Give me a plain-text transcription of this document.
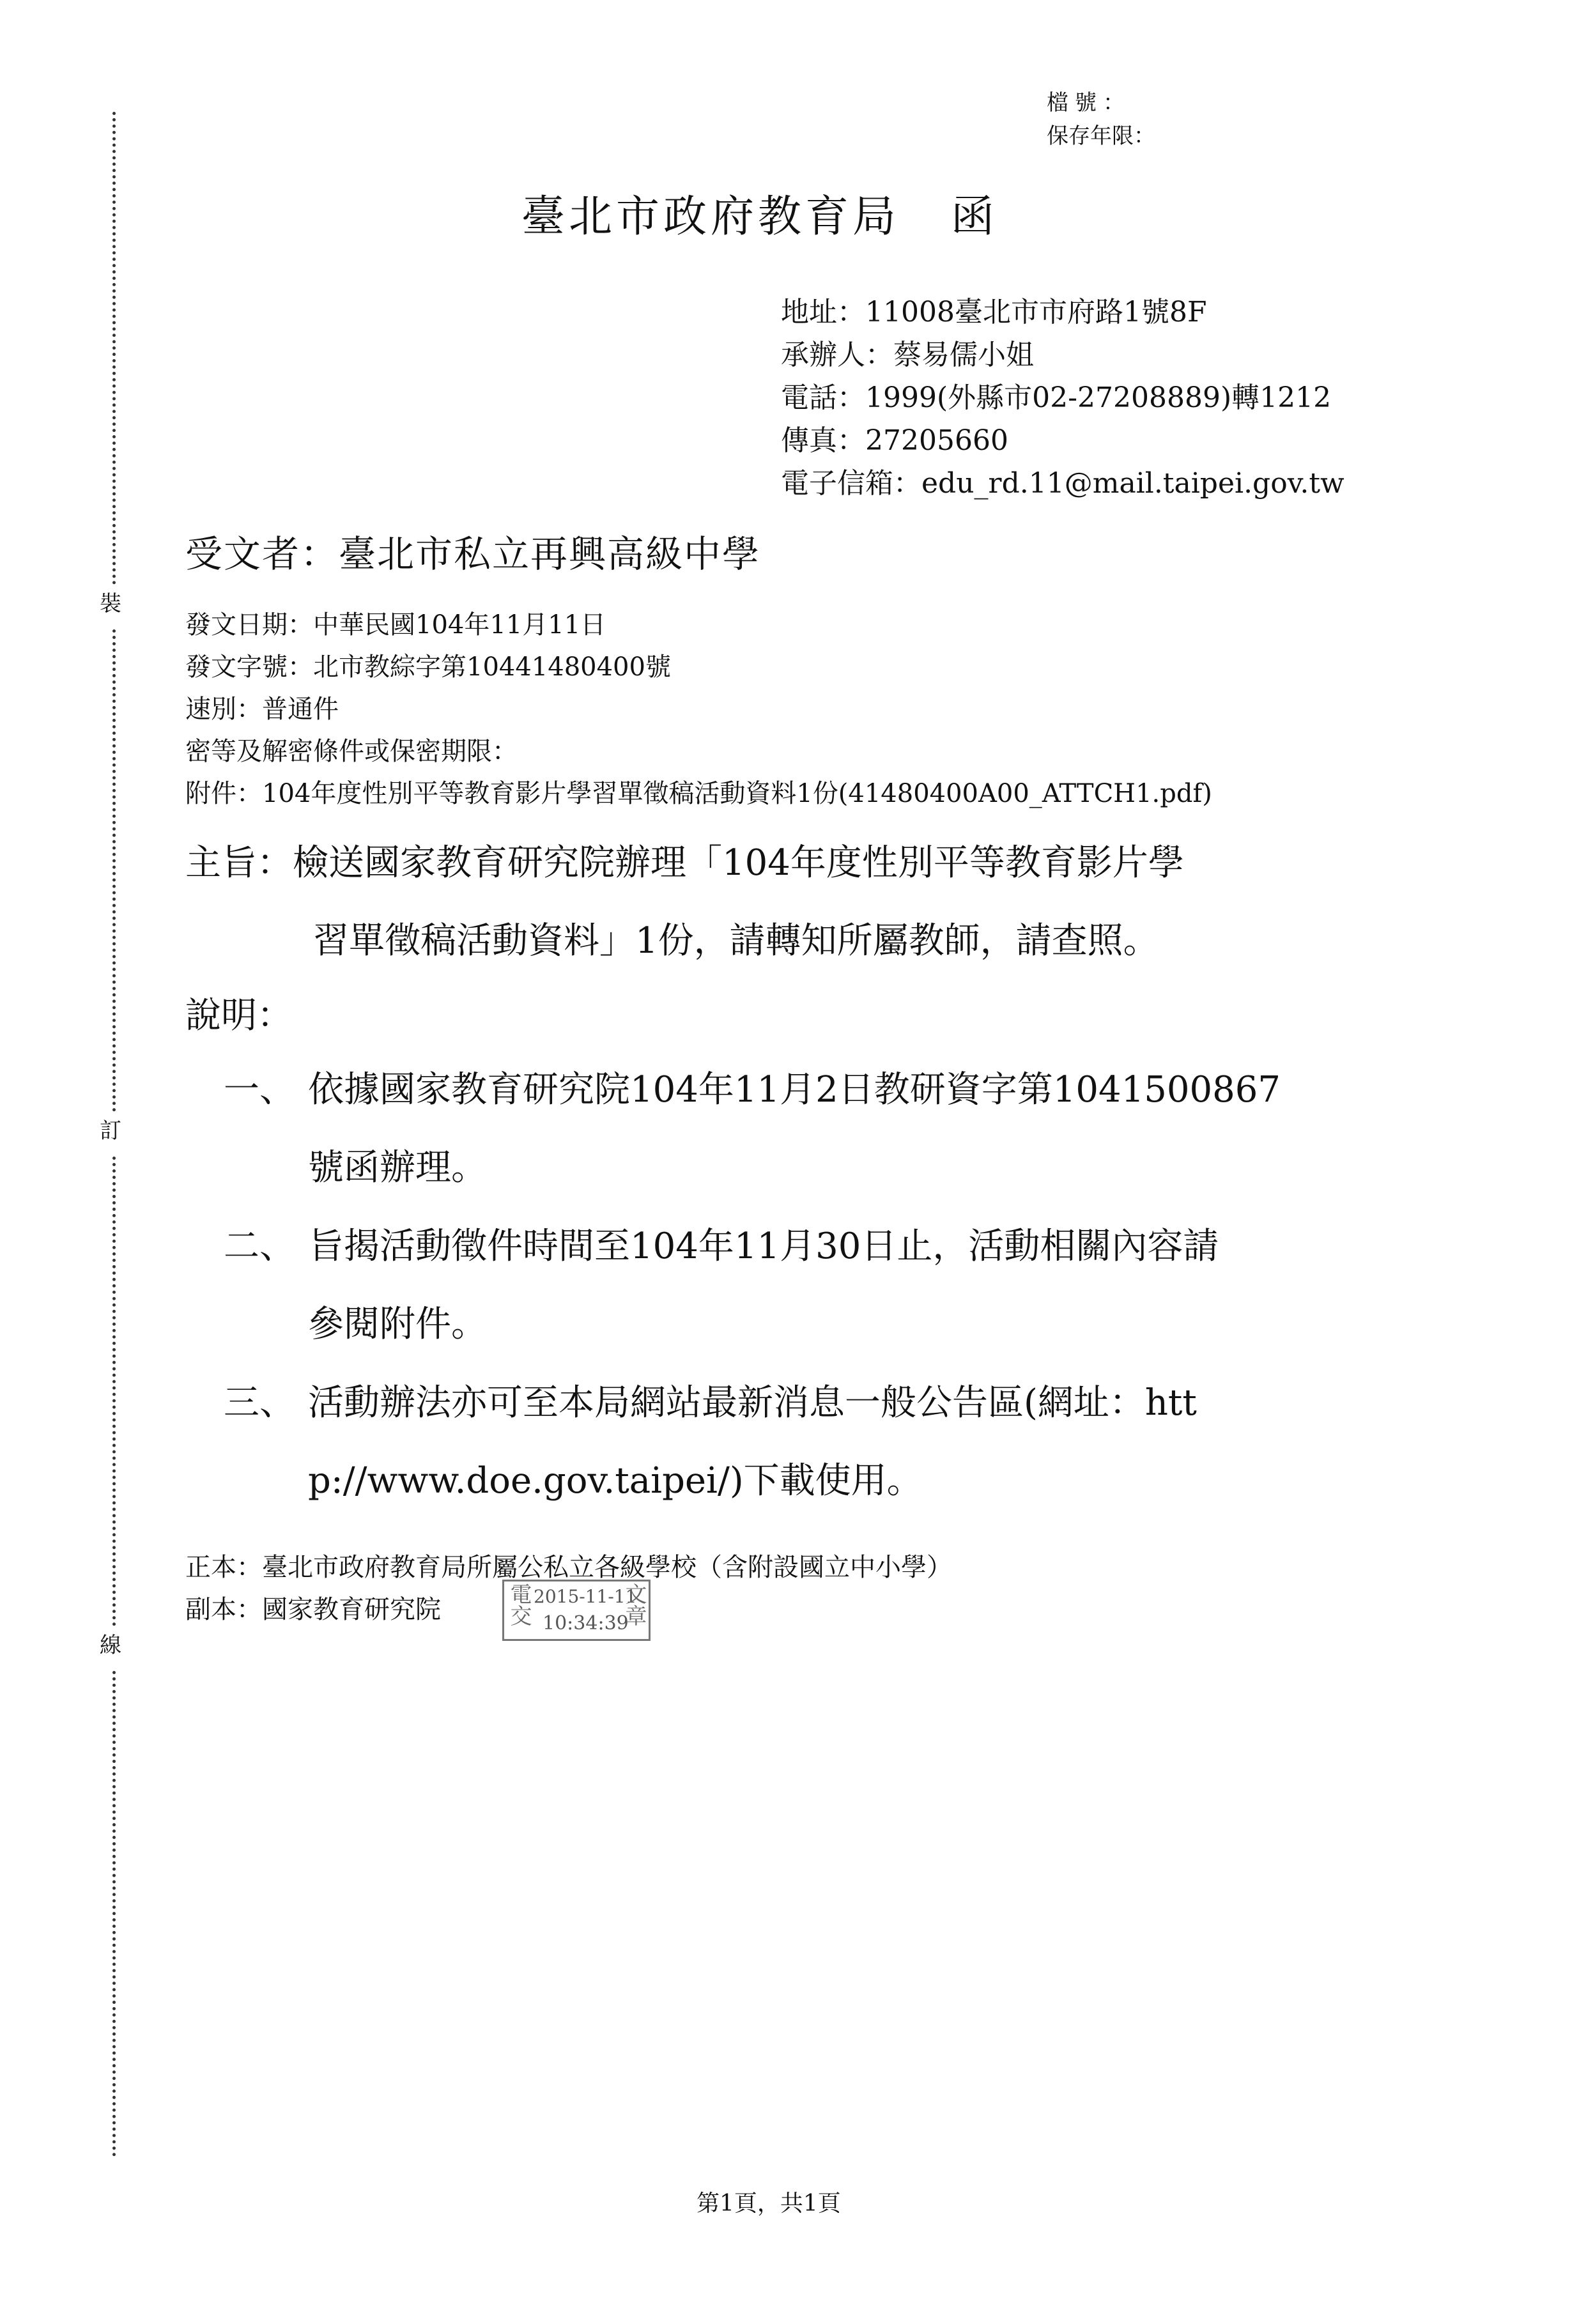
裝
訂
線
檔號：
保存年限：
臺北市政府教育局 函
地址：11008臺北市市府路1號8F
承辦人：蔡易儒小姐
電話：1999(外縣市02-27208889)轉1212
傳真：27205660
電子信箱：edu_rd.11@mail.taipei.gov.tw
受文者：臺北市私立再興高級中學
發文日期：中華民國104年11月11日
發文字號：北市教綜字第10441480400號
速別：普通件
密等及解密條件或保密期限：
附件：104年度性別平等教育影片學習單徵稿活動資料1份(41480400A00_ATTCH1.pdf)
主旨：檢送國家教育研究院辦理「104年度性別平等教育影片學
習單徵稿活動資料」1份，請轉知所屬教師，請查照。
說明：
一、 依據國家教育研究院104年11月2日教研資字第1041500867
號函辦理。
二、 旨揭活動徵件時間至104年11月30日止，活動相關內容請
參閱附件。
三、 活動辦法亦可至本局網站最新消息一般公告區(網址：htt
p://www.doe.gov.taipei/)下載使用。
正本：臺北市政府教育局所屬公私立各級學校（含附設國立中小學）
副本：國家教育研究院	電交 2015-11-11
10:34:39
文章
第1頁，共1頁
